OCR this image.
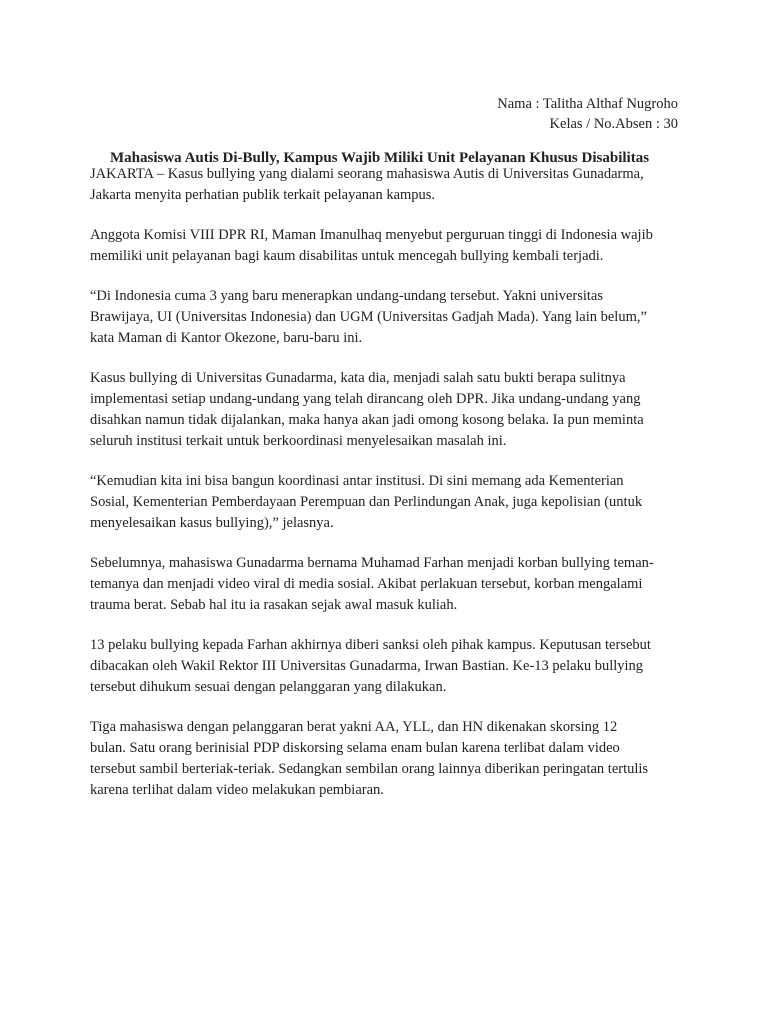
Nama : Talitha Althaf Nugroho
Kelas / No.Absen : 30
Mahasiswa Autis Di-Bully, Kampus Wajib Miliki Unit Pelayanan Khusus Disabilitas

JAKARTA – Kasus bullying yang dialami seorang mahasiswa Autis di Universitas Gunadarma,
Jakarta menyita perhatian publik terkait pelayanan kampus.

Anggota Komisi VIII DPR RI, Maman Imanulhaq menyebut perguruan tinggi di Indonesia wajib
memiliki unit pelayanan bagi kaum disabilitas untuk mencegah bullying kembali terjadi.

“Di Indonesia cuma 3 yang baru menerapkan undang-undang tersebut. Yakni universitas
Brawijaya, UI (Universitas Indonesia) dan UGM (Universitas Gadjah Mada). Yang lain belum,”
kata Maman di Kantor Okezone, baru-baru ini.

Kasus bullying di Universitas Gunadarma, kata dia, menjadi salah satu bukti berapa sulitnya
implementasi setiap undang-undang yang telah dirancang oleh DPR. Jika undang-undang yang
disahkan namun tidak dijalankan, maka hanya akan jadi omong kosong belaka. Ia pun meminta
seluruh institusi terkait untuk berkoordinasi menyelesaikan masalah ini.

“Kemudian kita ini bisa bangun koordinasi antar institusi. Di sini memang ada Kementerian
Sosial, Kementerian Pemberdayaan Perempuan dan Perlindungan Anak, juga kepolisian (untuk
menyelesaikan kasus bullying),” jelasnya.

Sebelumnya, mahasiswa Gunadarma bernama Muhamad Farhan menjadi korban bullying teman-
temanya dan menjadi video viral di media sosial. Akibat perlakuan tersebut, korban mengalami
trauma berat. Sebab hal itu ia rasakan sejak awal masuk kuliah.

13 pelaku bullying kepada Farhan akhirnya diberi sanksi oleh pihak kampus. Keputusan tersebut
dibacakan oleh Wakil Rektor III Universitas Gunadarma, Irwan Bastian. Ke-13 pelaku bullying
tersebut dihukum sesuai dengan pelanggaran yang dilakukan.

Tiga mahasiswa dengan pelanggaran berat yakni AA, YLL, dan HN dikenakan skorsing 12
bulan. Satu orang berinisial PDP diskorsing selama enam bulan karena terlibat dalam video
tersebut sambil berteriak-teriak. Sedangkan sembilan orang lainnya diberikan peringatan tertulis
karena terlihat dalam video melakukan pembiaran.
